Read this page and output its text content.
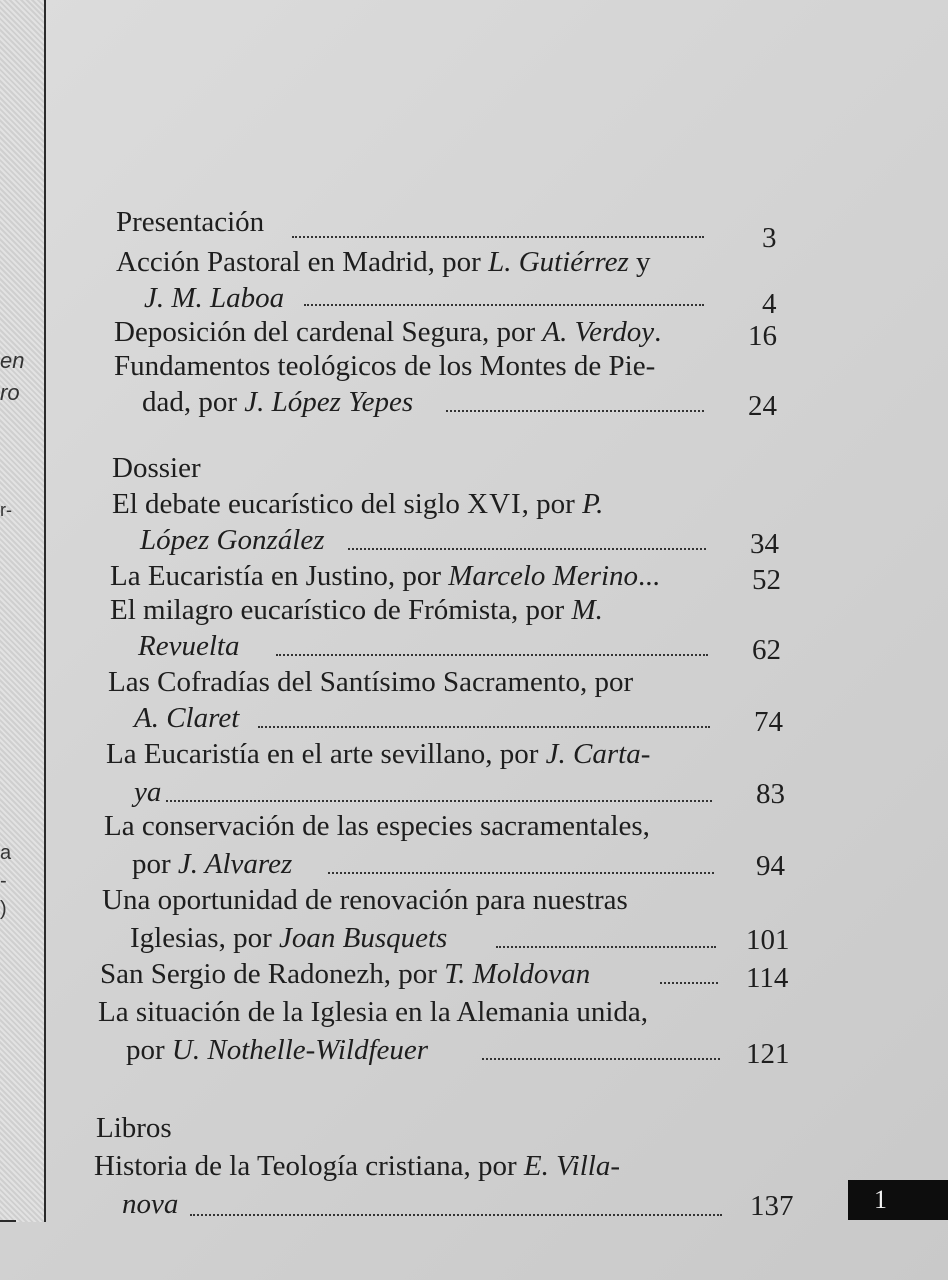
en
ro
r-
a
-
)
Presentación	3
Acción Pastoral en Madrid, por L. Gutiérrez y
J. M. Laboa	4
Deposición del cardenal Segura, por A. Verdoy.	16
Fundamentos teológicos de los Montes de Pie-
dad, por J. López Yepes	24
Dossier
El debate eucarístico del siglo XVI, por P.
López González	34
La Eucaristía en Justino, por Marcelo Merino...	52
El milagro eucarístico de Frómista, por M.
Revuelta	62
Las Cofradías del Santísimo Sacramento, por
A. Claret	74
La Eucaristía en el arte sevillano, por J. Carta-
ya	83
La conservación de las especies sacramentales,
por J. Alvarez	94
Una oportunidad de renovación para nuestras
Iglesias, por Joan Busquets	101
San Sergio de Radonezh, por T. Moldovan	114
La situación de la Iglesia en la Alemania unida,
por U. Nothelle-Wildfeuer	121
Libros
Historia de la Teología cristiana, por E. Villa-
nova	137	1
